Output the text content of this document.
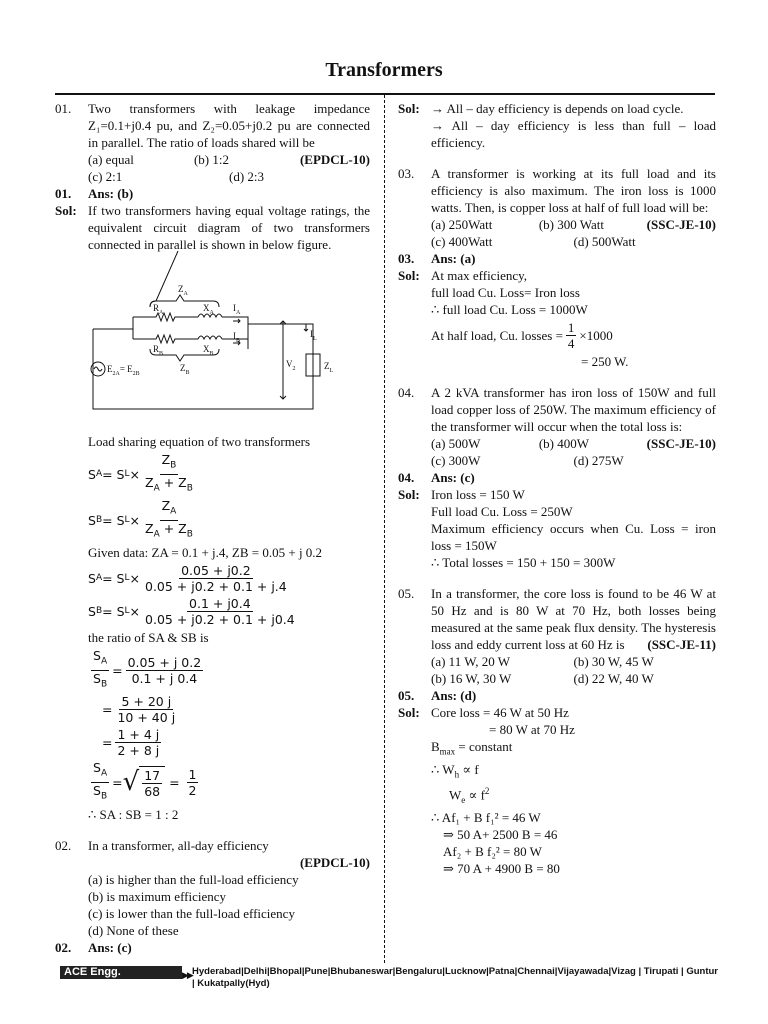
Transformers
01.	Two transformers with leakage impedance Z₁=0.1+j0.4 pu, and Z₂=0.05+j0.2 pu are connected in parallel. The ratio of loads shared will be
(EPDCL-10)
(a) equal	(b) 1:2
(c) 2:1	(d) 2:3
01.	Ans: (b)
Sol: If two transformers having equal voltage ratings, the equivalent circuit diagram of two transformers connected in parallel is shown in below figure.
$Z_A$
$R_A$	$X_A$ $I_A$
$R_B$	$X_B$
$I_B$
$I_L$
$E_{2A}= E_{2B}$
$Z_B$
$V_2$	$Z_L$
Load sharing equation of two transformers
S A = S $L \times \frac{Z_B}{Z_A + Z_B}$
S B = S $L \times \frac{Z_A}{Z_A + Z_B}$
Given data: ZA = 0.1 + j.4, ZB = 0.05 + j 0.2
S A = S $L \times \frac{0.05 + j0.2}{0.05 + j0.2 + 0.1 + j.4}$
S B = S $L \times \frac{0.1 + j0.4}{0.05 + j0.2 + 0.1 + j0.4}$
the ratio of SA & SB is
$\frac{S_A}{S_B} = \frac{0.05 + j 0.2}{0.1 + j 0.4}$
= $\frac{5 + 20 j}{10 + 40 j}$
= $\frac{1 + 4 j}{2 + 8 j}$
$\frac{S_A}{S_B}$ = √ $\frac{17}{68} = \frac{1}{2}$
∴ SA : SB = 1 : 2
02.	In a transformer, all-day efficiency
(EPDCL-10)
(a) is higher than the full-load efficiency
(b) is maximum efficiency
(c) is lower than the full-load efficiency
(d) None of these
02.	Ans: (c)
Sol: → All – day efficiency is depends on load cycle.
→ All – day efficiency is less than full – load efficiency.
03.	A transformer is working at its full load and its efficiency is also maximum. The iron loss is 1000 watts. Then, is copper loss at half of full load will be:
(SSC-JE-10)
(a) 250Watt	(b) 300 Watt
(c) 400Watt	(d) 500Watt
03.	Ans: (a)
Sol: At max efficiency,
full load Cu. Loss= Iron loss
∴ full load Cu. Loss = 1000W
At half load, Cu. losses = $\frac{1}{4} \times 1000$
= 250 W.
04.	A 2 kVA transformer has iron loss of 150W and full load copper loss of 250W. The maximum efficiency of the transformer will occur when the total loss is:
(SSC-JE-10)
(a) 500W	(b) 400W
(c) 300W	(d) 275W
04.	Ans: (c)
Sol: Iron loss = 150 W
Full load Cu. Loss = 250W
Maximum efficiency occurs when Cu. Loss = iron loss = 150W
∴ Total losses = 150 + 150 = 300W
05.	In a transformer, the core loss is found to be 46 W at 50 Hz and is 80 W at 70 Hz, both losses being measured at the same peak flux density. The hysteresis loss and eddy current loss at 60 Hz is (SSC-JE-11)
(a) 11 W, 20 W	(b) 30 W, 45 W
(b) 16 W, 30 W	(d) 22 W, 40 W
05.	Ans: (d)
Sol: Core loss = 46 W at 50 Hz
= 80 W at 70 Hz
$B_{max}$ = constant
∴ $W_h \propto f$
$W_e \propto f^2$
∴ Af₁ + B f₁² = 46 W
⇒ 50 A+ 2500 B = 46
Af₂ + B f₂² = 80 W
⇒ 70 A + 4900 B = 80
ACE Engg.	▶▶ Hyderabad|Delhi|Bhopal|Pune|Bhubaneswar|Bengaluru|Lucknow|Patna|Chennai|Vijayawada|Vizag | Tirupati | Guntur | Kukatpally(Hyd)
